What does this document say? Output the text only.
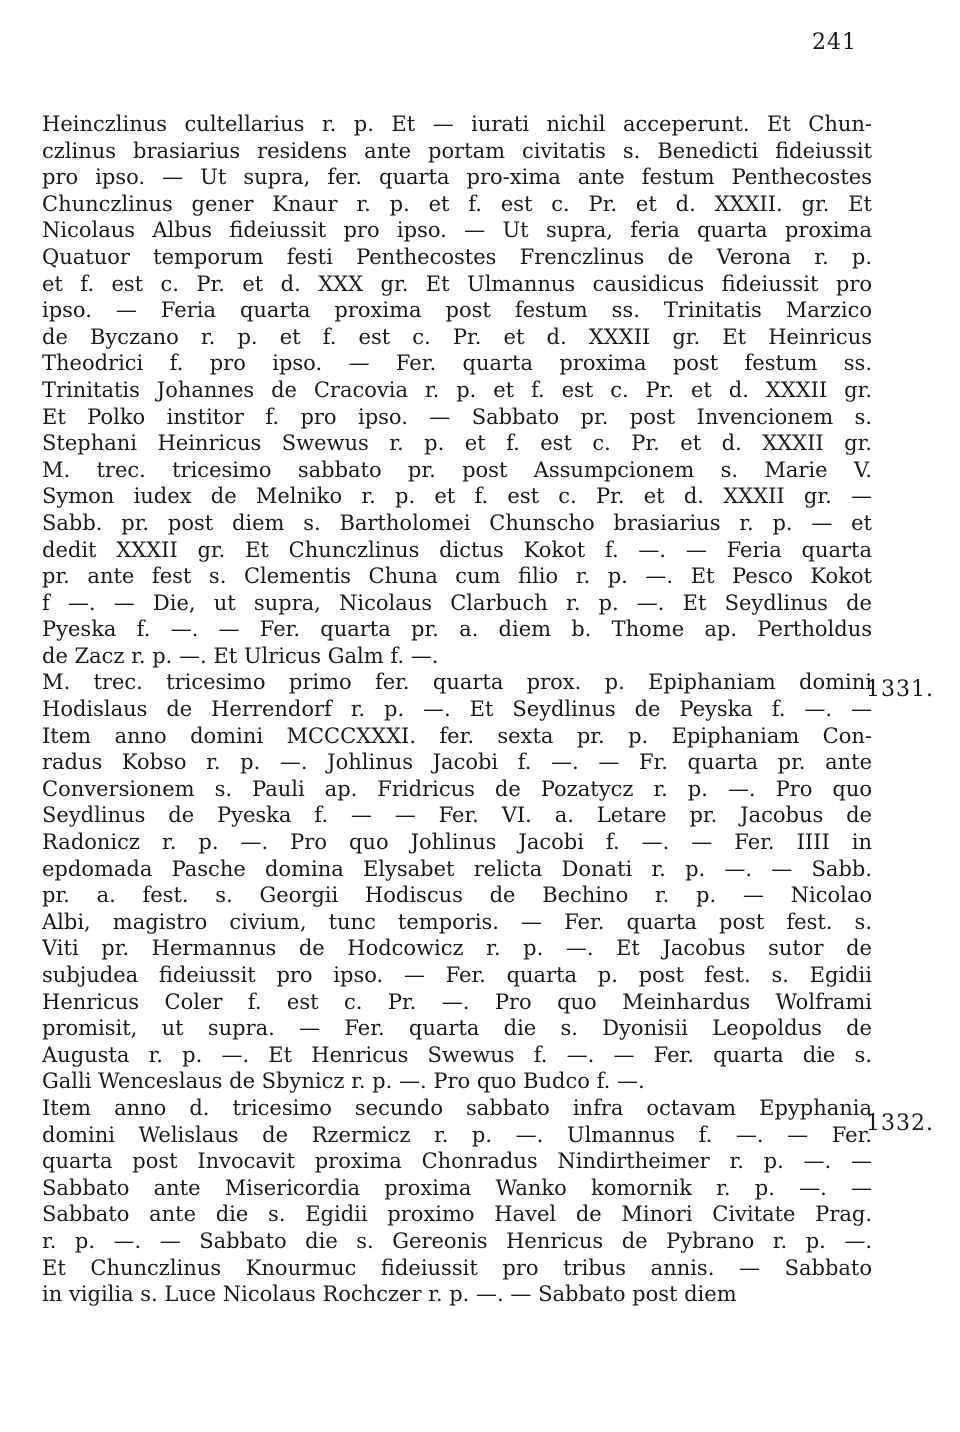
241
Heinczlinus cultellarius r. p. Et — iurati nichil acceperunt. Et Chun-
czlinus brasiarius residens ante portam civitatis s. Benedicti fideiussit
pro ipso. — Ut supra, fer. quarta pro-xima ante festum Penthecostes
Chunczlinus gener Knaur r. p. et f. est c. Pr. et d. XXXII. gr. Et
Nicolaus Albus fideiussit pro ipso. — Ut supra, feria quarta proxima
Quatuor temporum festi Penthecostes Frenczlinus de Verona r. p.
et f. est c. Pr. et d. XXX gr. Et Ulmannus causidicus fideiussit pro
ipso. — Feria quarta proxima post festum ss. Trinitatis Marzico
de Byczano r. p. et f. est c. Pr. et d. XXXII gr. Et Heinricus
Theodrici f. pro ipso. — Fer. quarta proxima post festum ss.
Trinitatis Johannes de Cracovia r. p. et f. est c. Pr. et d. XXXII gr.
Et Polko institor f. pro ipso. — Sabbato pr. post Invencionem s.
Stephani Heinricus Swewus r. p. et f. est c. Pr. et d. XXXII gr.
M. trec. tricesimo sabbato pr. post Assumpcionem s. Marie V.
Symon iudex de Melniko r. p. et f. est c. Pr. et d. XXXII gr. —
Sabb. pr. post diem s. Bartholomei Chunscho brasiarius r. p. — et
dedit XXXII gr. Et Chunczlinus dictus Kokot f. —. — Feria quarta
pr. ante fest s. Clementis Chuna cum filio r. p. —. Et Pesco Kokot
f —. — Die, ut supra, Nicolaus Clarbuch r. p. —. Et Seydlinus de
Pyeska f. —. — Fer. quarta pr. a. diem b. Thome ap. Pertholdus
de Zacz r. p. —. Et Ulricus Galm f. —.
M. trec. tricesimo primo fer. quarta prox. p. Epiphaniam domini
Hodislaus de Herrendorf r. p. —. Et Seydlinus de Peyska f. —. —
Item anno domini MCCCXXXI. fer. sexta pr. p. Epiphaniam Con-
radus Kobso r. p. —. Johlinus Jacobi f. —. — Fr. quarta pr. ante
Conversionem s. Pauli ap. Fridricus de Pozatycz r. p. —. Pro quo
Seydlinus de Pyeska f. — — Fer. VI. a. Letare pr. Jacobus de
Radonicz r. p. —. Pro quo Johlinus Jacobi f. —. — Fer. IIII in
epdomada Pasche domina Elysabet relicta Donati r. p. —. — Sabb.
pr. a. fest. s. Georgii Hodiscus de Bechino r. p. — Nicolao
Albi, magistro civium, tunc temporis. — Fer. quarta post fest. s.
Viti pr. Hermannus de Hodcowicz r. p. —. Et Jacobus sutor de
subjudea fideiussit pro ipso. — Fer. quarta p. post fest. s. Egidii
Henricus Coler f. est c. Pr. —. Pro quo Meinhardus Wolframi
promisit, ut supra. — Fer. quarta die s. Dyonisii Leopoldus de
Augusta r. p. —. Et Henricus Swewus f. —. — Fer. quarta die s.
Galli Wenceslaus de Sbynicz r. p. —. Pro quo Budco f. —.
Item anno d. tricesimo secundo sabbato infra octavam Epyphania
domini Welislaus de Rzermicz r. p. —. Ulmannus f. —. — Fer.
quarta post Invocavit proxima Chonradus Nindirtheimer r. p. —. —
Sabbato ante Misericordia proxima Wanko komornik r. p. —. —
Sabbato ante die s. Egidii proximo Havel de Minori Civitate Prag.
r. p. —. — Sabbato die s. Gereonis Henricus de Pybrano r. p. —.
Et Chunczlinus Knourmuc fideiussit pro tribus annis. — Sabbato
in vigilia s. Luce Nicolaus Rochczer r. p. —. — Sabbato post diem
1331.
1332.
